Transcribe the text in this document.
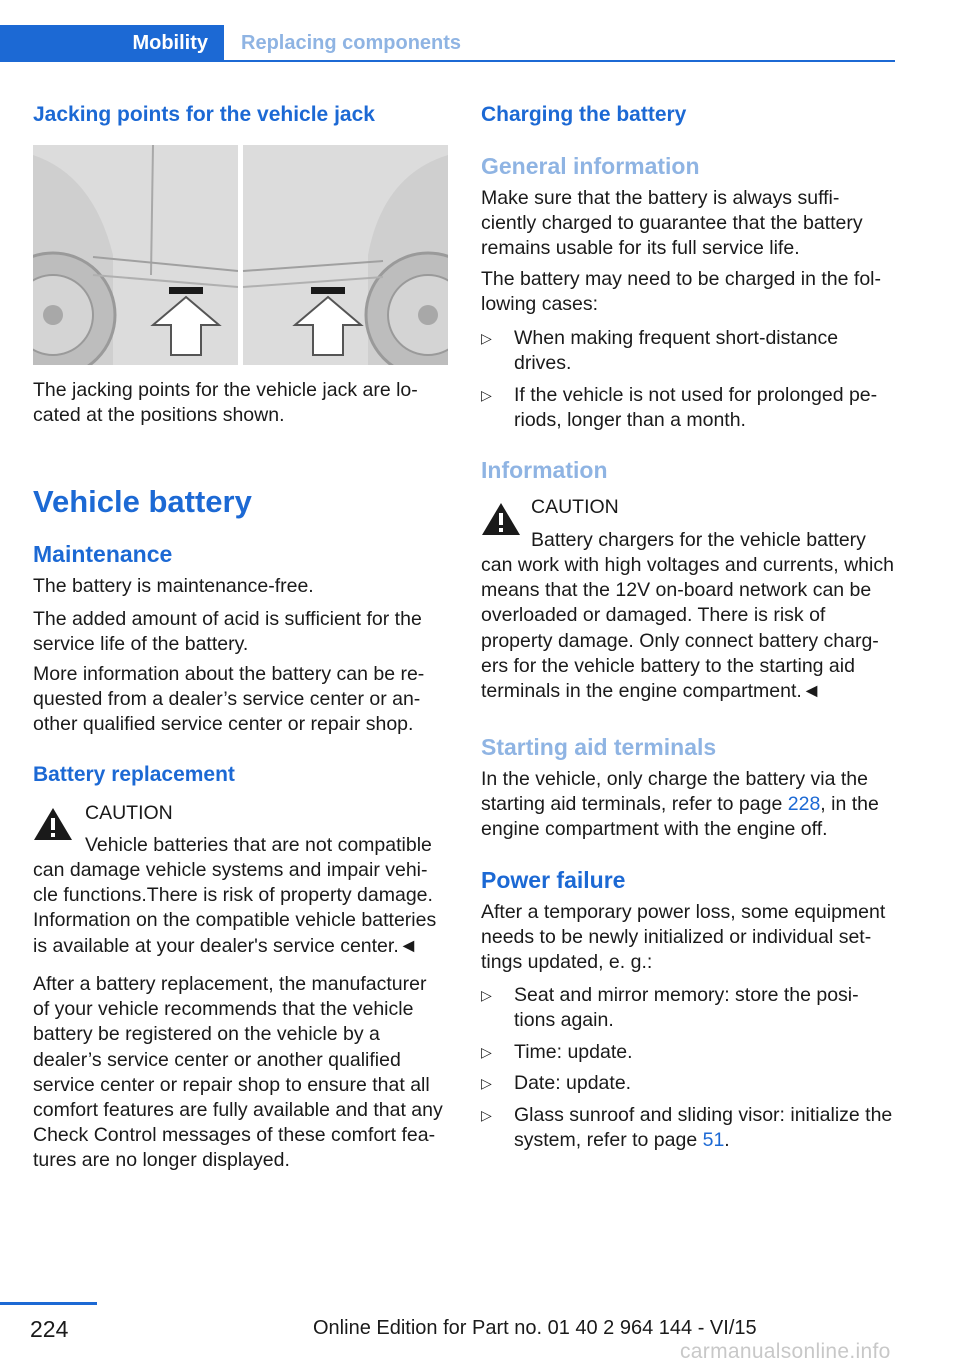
Mobility	Replacing components
Jacking points for the vehicle jack

The jacking points for the vehicle jack are lo- cated at the positions shown.

Vehicle battery
Maintenance

The battery is maintenance-free.

The added amount of acid is sufficient for the service life of the battery.

More information about the battery can be re- quested from a dealer’s service center or an- other qualified service center or repair shop.

Battery replacement
CAUTION

Vehicle batteries that are not compatible

can damage vehicle systems and impair vehi- cle functions.There is risk of property damage. Information on the compatible vehicle batteries is available at your dealer's service center.◄

After a battery replacement, the manufacturer of your vehicle recommends that the vehicle battery be registered on the vehicle by a dealer’s service center or another qualified service center or repair shop to ensure that all comfort features are fully available and that any Check Control messages of these comfort fea- tures are no longer displayed.

Charging the battery
General information

Make sure that the battery is always suffi- ciently charged to guarantee that the battery remains usable for its full service life.

The battery may need to be charged in the fol- lowing cases:

▷	When making frequent short-distance drives.
▷	If the vehicle is not used for prolonged pe- riods, longer than a month.
Information
CAUTION

Battery chargers for the vehicle battery

can work with high voltages and currents, which means that the 12V on-board network can be overloaded or damaged. There is risk of property damage. Only connect battery charg- ers for the vehicle battery to the starting aid terminals in the engine compartment.◄

Starting aid terminals

In the vehicle, only charge the battery via the starting aid terminals, refer to page 228, in the engine compartment with the engine off.

Power failure

After a temporary power loss, some equipment needs to be newly initialized or individual set- tings updated, e. g.:

▷	Seat and mirror memory: store the posi- tions again.
▷	Time: update.
▷	Date: update.
▷	Glass sunroof and sliding visor: initialize the system, refer to page 51.
224	Online Edition for Part no. 01 40 2 964 144 - VI/15
carmanualsonline.info
